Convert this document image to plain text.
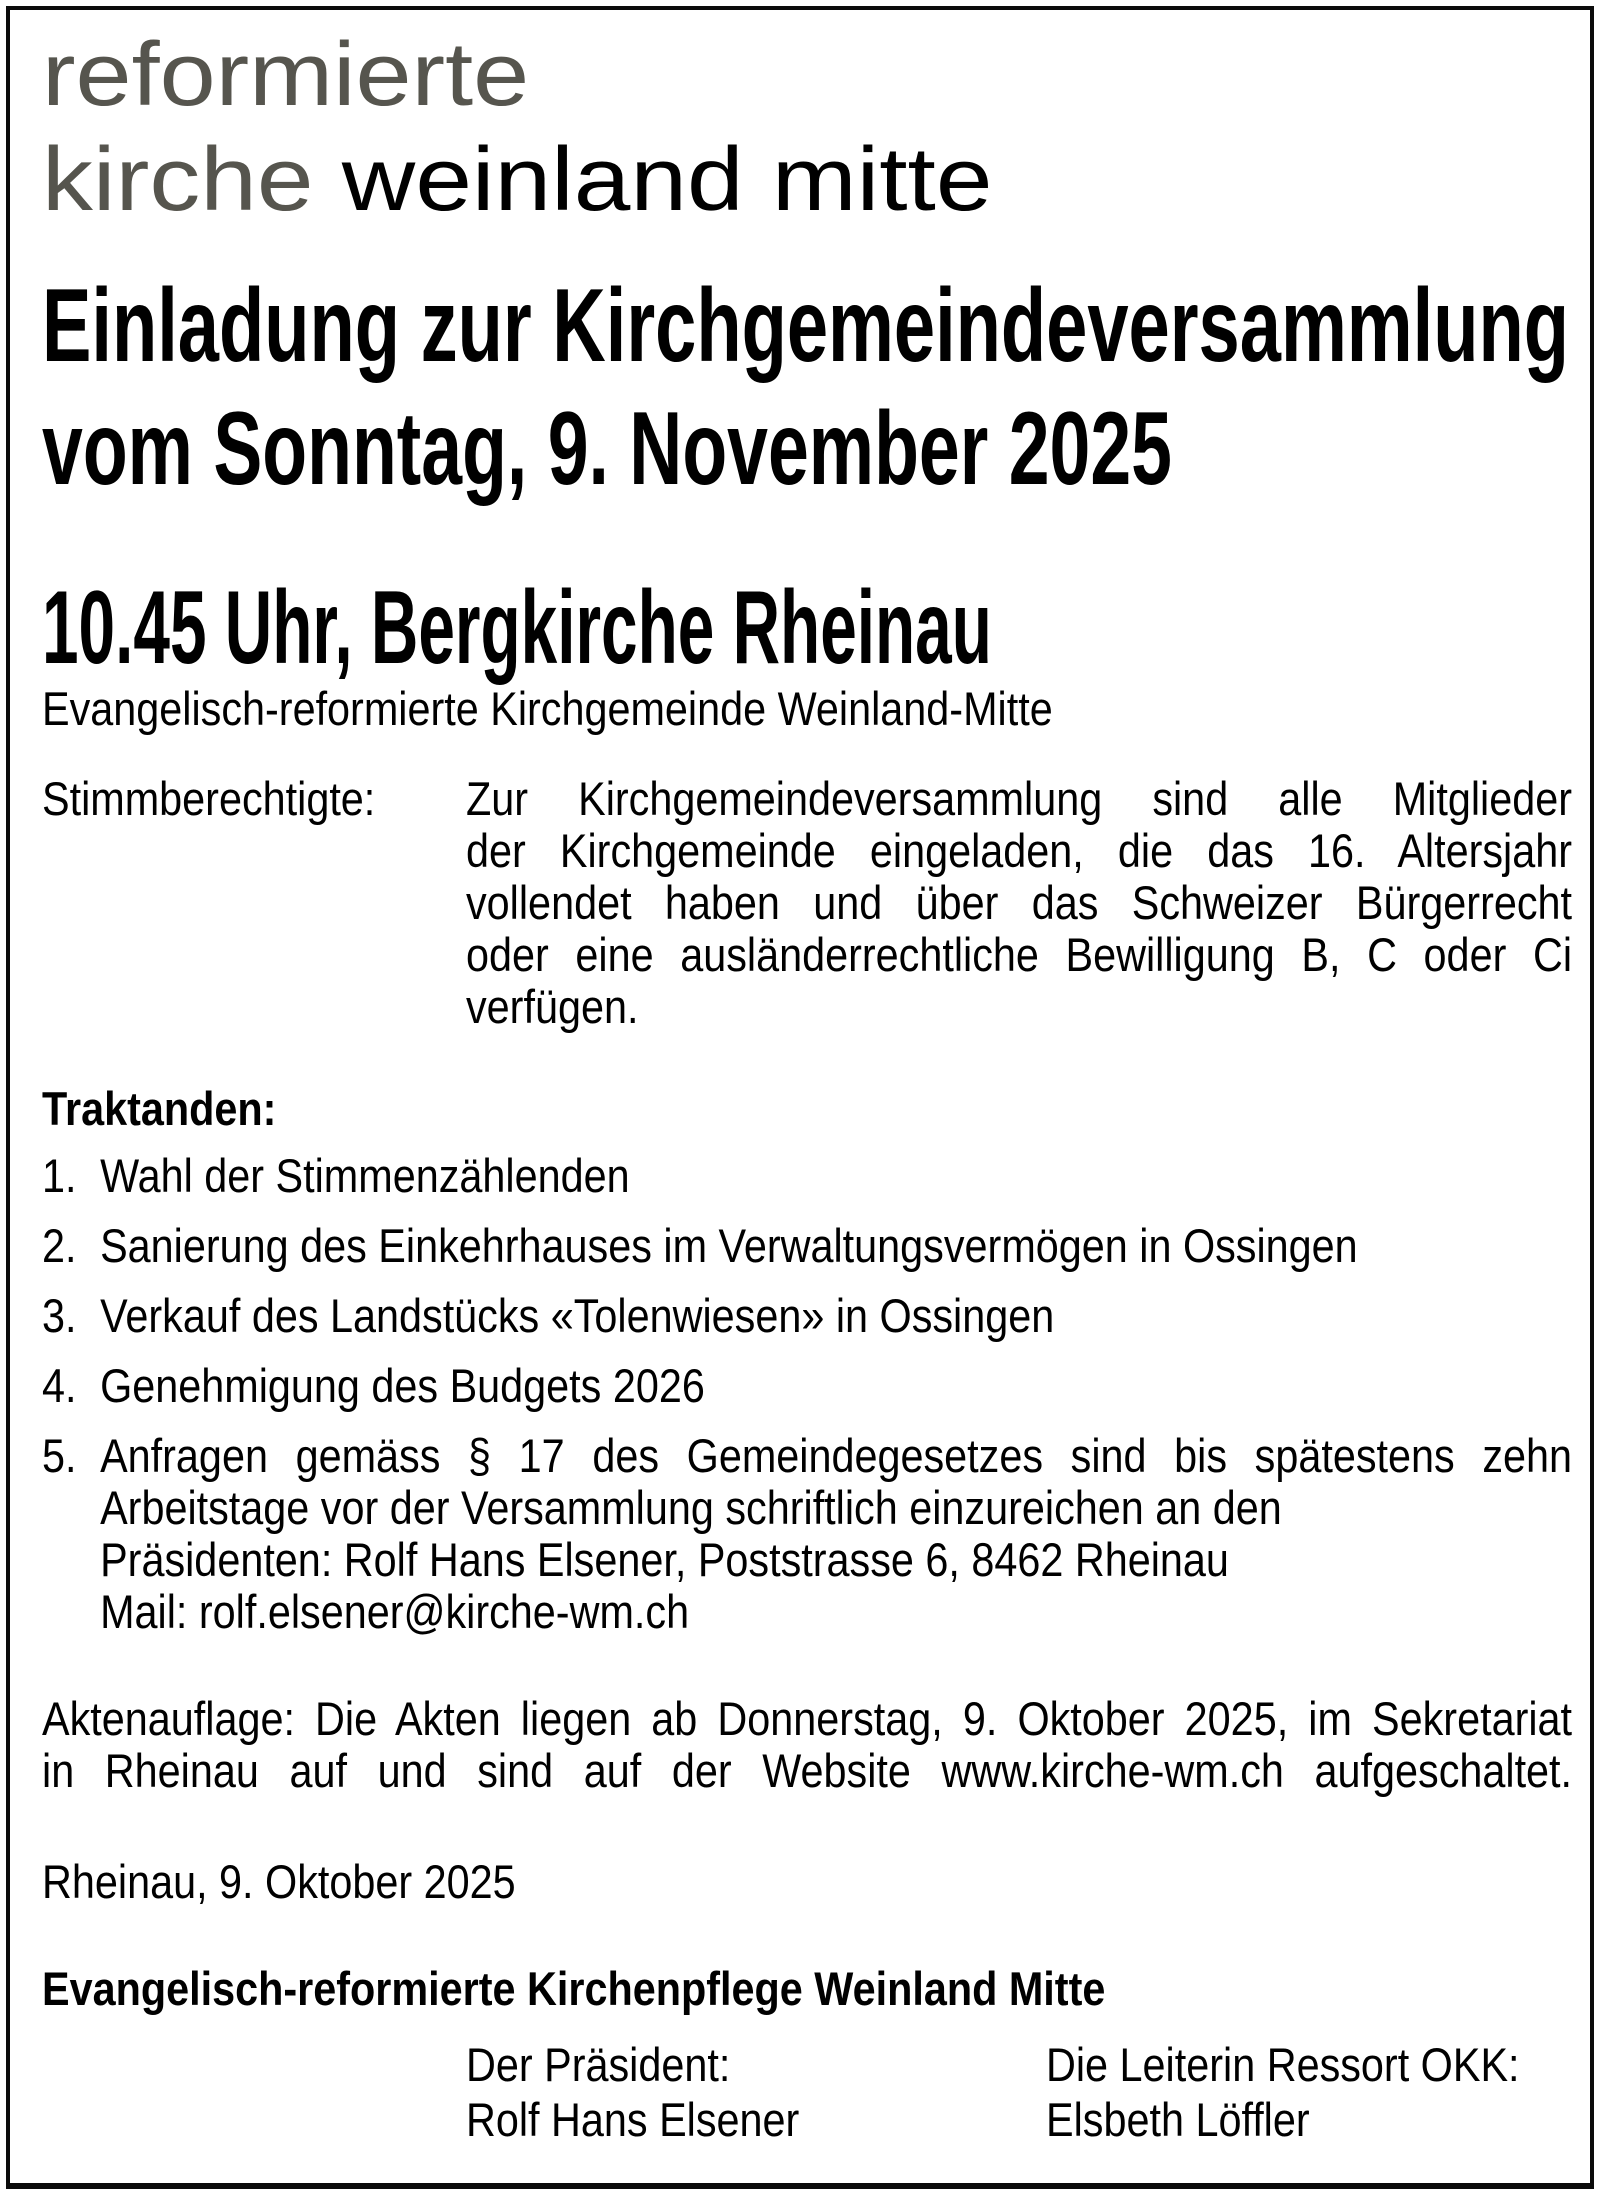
reformierte
kirche weinland mitte
Einladung zur Kirchgemeindeversammlung
vom Sonntag, 9. November 2025
10.45 Uhr, Bergkirche Rheinau
Evangelisch-reformierte Kirchgemeinde Weinland-Mitte
Stimmberechtigte:	Zur Kirchgemeindeversammlung sind alle Mitglieder
der Kirchgemeinde eingeladen, die das 16. Altersjahr
vollendet haben und über das Schweizer Bürgerrecht
oder eine ausländerrechtliche Bewilligung B, C oder Ci
verfügen.
Traktanden:
1. Wahl der Stimmenzählenden
2. Sanierung des Einkehrhauses im Verwaltungsvermögen in Ossingen
3. Verkauf des Landstücks «Tolenwiesen» in Ossingen
4. Genehmigung des Budgets 2026
5. Anfragen gemäss § 17 des Gemeindegesetzes sind bis spätestens zehn
Arbeitstage vor der Versammlung schriftlich einzureichen an den
Präsidenten: Rolf Hans Elsener, Poststrasse 6, 8462 Rheinau
Mail: rolf.elsener@kirche-wm.ch
Aktenauflage: Die Akten liegen ab Donnerstag, 9. Oktober 2025, im Sekretariat
in Rheinau auf und sind auf der Website www.kirche-wm.ch aufgeschaltet.
Rheinau, 9. Oktober 2025
Evangelisch-reformierte Kirchenpflege Weinland Mitte
Der Präsident:
Rolf Hans Elsener
Die Leiterin Ressort OKK:
Elsbeth Löffler
